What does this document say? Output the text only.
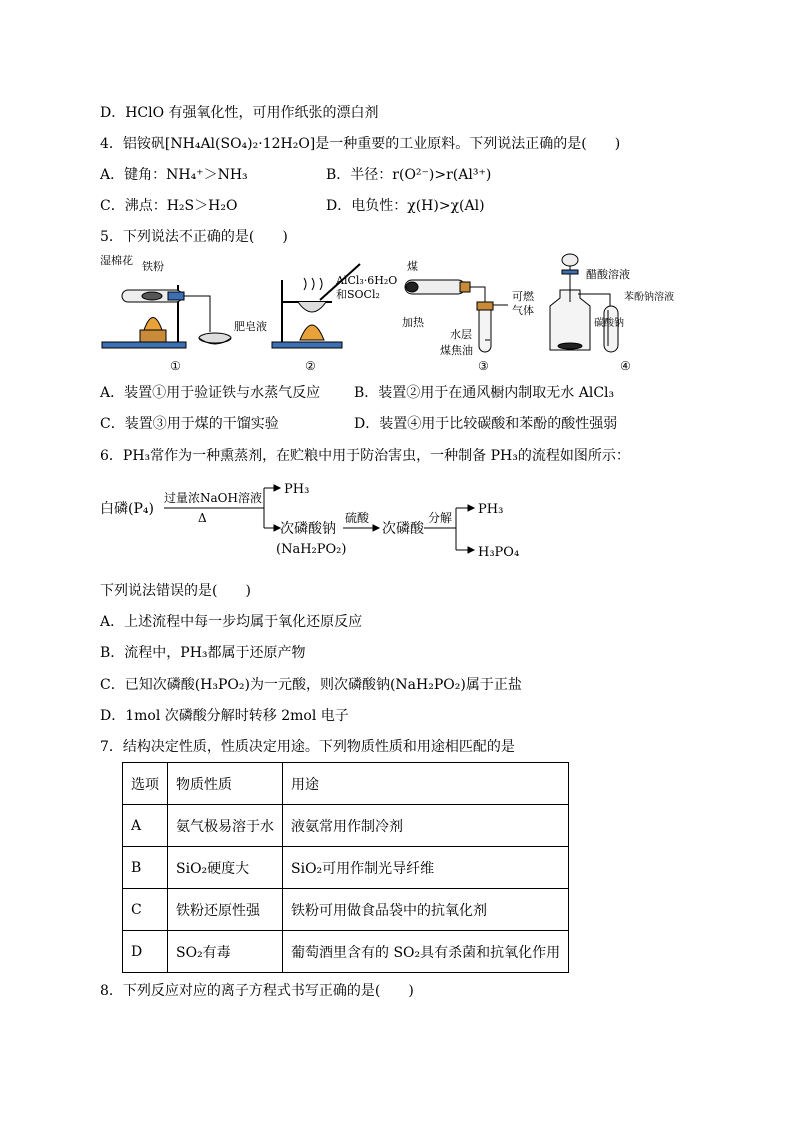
D．HClO 有强氧化性，可用作纸张的漂白剂
4．铝铵矾[NH₄Al(SO₄)₂·12H₂O]是一种重要的工业原料。下列说法正确的是(　　)
A．键角：NH₄⁺＞NH₃	B．半径：r(O²⁻)>r(Al³⁺)
C．沸点：H₂S＞H₂O	D．电负性：χ(H)>χ(Al)
5．下列说法不正确的是(　　)
湿棉花 铁粉
肥皂液
AlCl₃·6H₂O
和SOCl₂
煤
加热
可燃
气体
水层
煤焦油
醋酸溶液
碳酸钠
苯酚钠溶液
①	②	③	④
A．装置①用于验证铁与水蒸气反应 B．装置②用于在通风橱内制取无水 AlCl₃
C．装置③用于煤的干馏实验	D．装置④用于比较碳酸和苯酚的酸性强弱
6．PH₃常作为一种熏蒸剂，在贮粮中用于防治害虫，一种制备 PH₃的流程如图所示：
白磷(P₄)
过量浓NaOH溶液
Δ
PH₃
次磷酸钠
(NaH₂PO₂)
硫酸
次磷酸
分解
PH₃
H₃PO₄
下列说法错误的是(　　)
A．上述流程中每一步均属于氧化还原反应
B．流程中，PH₃都属于还原产物
C．已知次磷酸(H₃PO₂)为一元酸，则次磷酸钠(NaH₂PO₂)属于正盐
D．1mol 次磷酸分解时转移 2mol 电子
7．结构决定性质，性质决定用途。下列物质性质和用途相匹配的是
选项	物质性质	用途
A	氨气极易溶于水	液氨常用作制冷剂
B	SiO₂硬度大	SiO₂可用作制光导纤维
C	铁粉还原性强	铁粉可用做食品袋中的抗氧化剂
D	SO₂有毒	葡萄酒里含有的 SO₂具有杀菌和抗氧化作用
8．下列反应对应的离子方程式书写正确的是(　　)
